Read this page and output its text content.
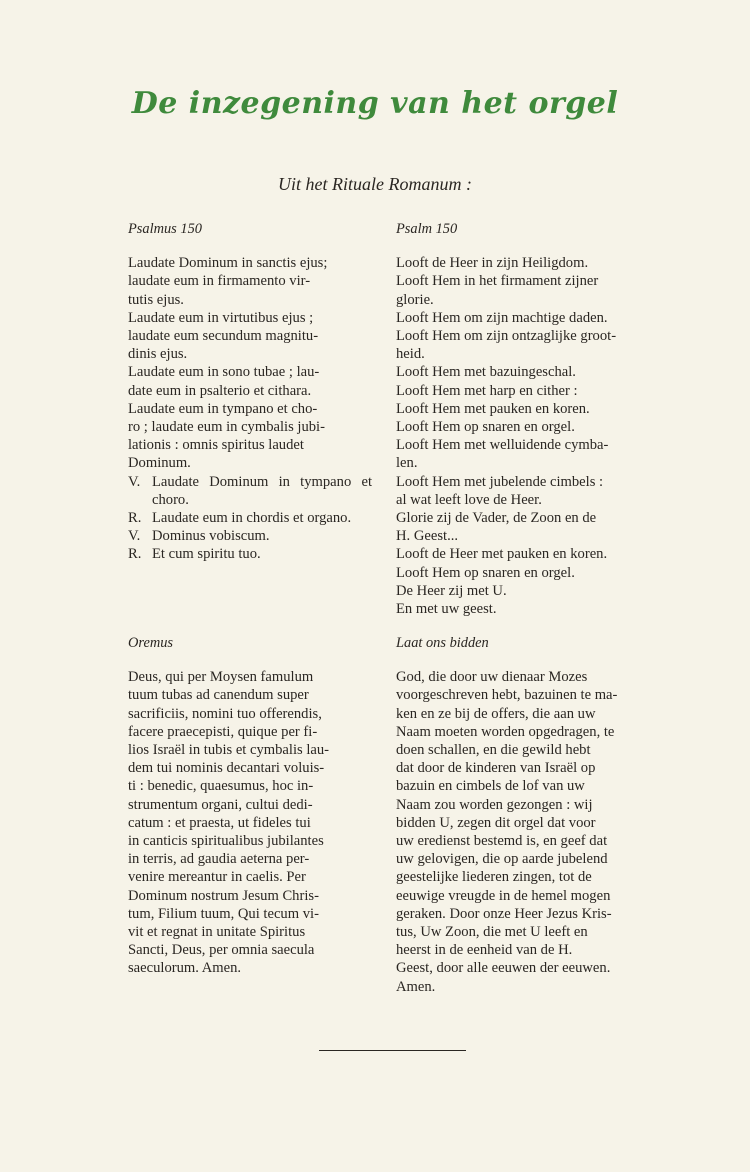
De inzegening van het orgel
Uit het Rituale Romanum :

Psalmus 150

Laudate Dominum in sanctis ejus;
laudate eum in firmamento vir-
tutis ejus.
Laudate eum in virtutibus ejus ;
laudate eum secundum magnitu-
dinis ejus.
Laudate eum in sono tubae ; lau-
date eum in psalterio et cithara.
Laudate eum in tympano et cho-
ro ; laudate eum in cymbalis jubi-
lationis : omnis spiritus laudet
Dominum.
V. Laudate Dominum in tympano et choro.
R. Laudate eum in chordis et organo.
V. Dominus vobiscum.
R. Et cum spiritu tuo.

Oremus

Deus, qui per Moysen famulum
tuum tubas ad canendum super
sacrificiis, nomini tuo offerendis,
facere praecepisti, quique per fi-
lios Israël in tubis et cymbalis lau-
dem tui nominis decantari voluis-
ti : benedic, quaesumus, hoc in-
strumentum organi, cultui dedi-
catum : et praesta, ut fideles tui
in canticis spiritualibus jubilantes
in terris, ad gaudia aeterna per-
venire mereantur in caelis. Per
Dominum nostrum Jesum Chris-
tum, Filium tuum, Qui tecum vi-
vit et regnat in unitate Spiritus
Sancti, Deus, per omnia saecula
saeculorum. Amen.

Psalm 150

Looft de Heer in zijn Heiligdom.
Looft Hem in het firmament zijner
glorie.
Looft Hem om zijn machtige daden.
Looft Hem om zijn ontzaglijke groot-
heid.
Looft Hem met bazuingeschal.
Looft Hem met harp en cither :
Looft Hem met pauken en koren.
Looft Hem op snaren en orgel.
Looft Hem met welluidende cymba-
len.
Looft Hem met jubelende cimbels :
al wat leeft love de Heer.
Glorie zij de Vader, de Zoon en de
H. Geest...
Looft de Heer met pauken en koren.
Looft Hem op snaren en orgel.
De Heer zij met U.
En met uw geest.

Laat ons bidden

God, die door uw dienaar Mozes
voorgeschreven hebt, bazuinen te ma-
ken en ze bij de offers, die aan uw
Naam moeten worden opgedragen, te
doen schallen, en die gewild hebt
dat door de kinderen van Israël op
bazuin en cimbels de lof van uw
Naam zou worden gezongen : wij
bidden U, zegen dit orgel dat voor
uw eredienst bestemd is, en geef dat
uw gelovigen, die op aarde jubelend
geestelijke liederen zingen, tot de
eeuwige vreugde in de hemel mogen
geraken. Door onze Heer Jezus Kris-
tus, Uw Zoon, die met U leeft en
heerst in de eenheid van de H.
Geest, door alle eeuwen der eeuwen.
Amen.
